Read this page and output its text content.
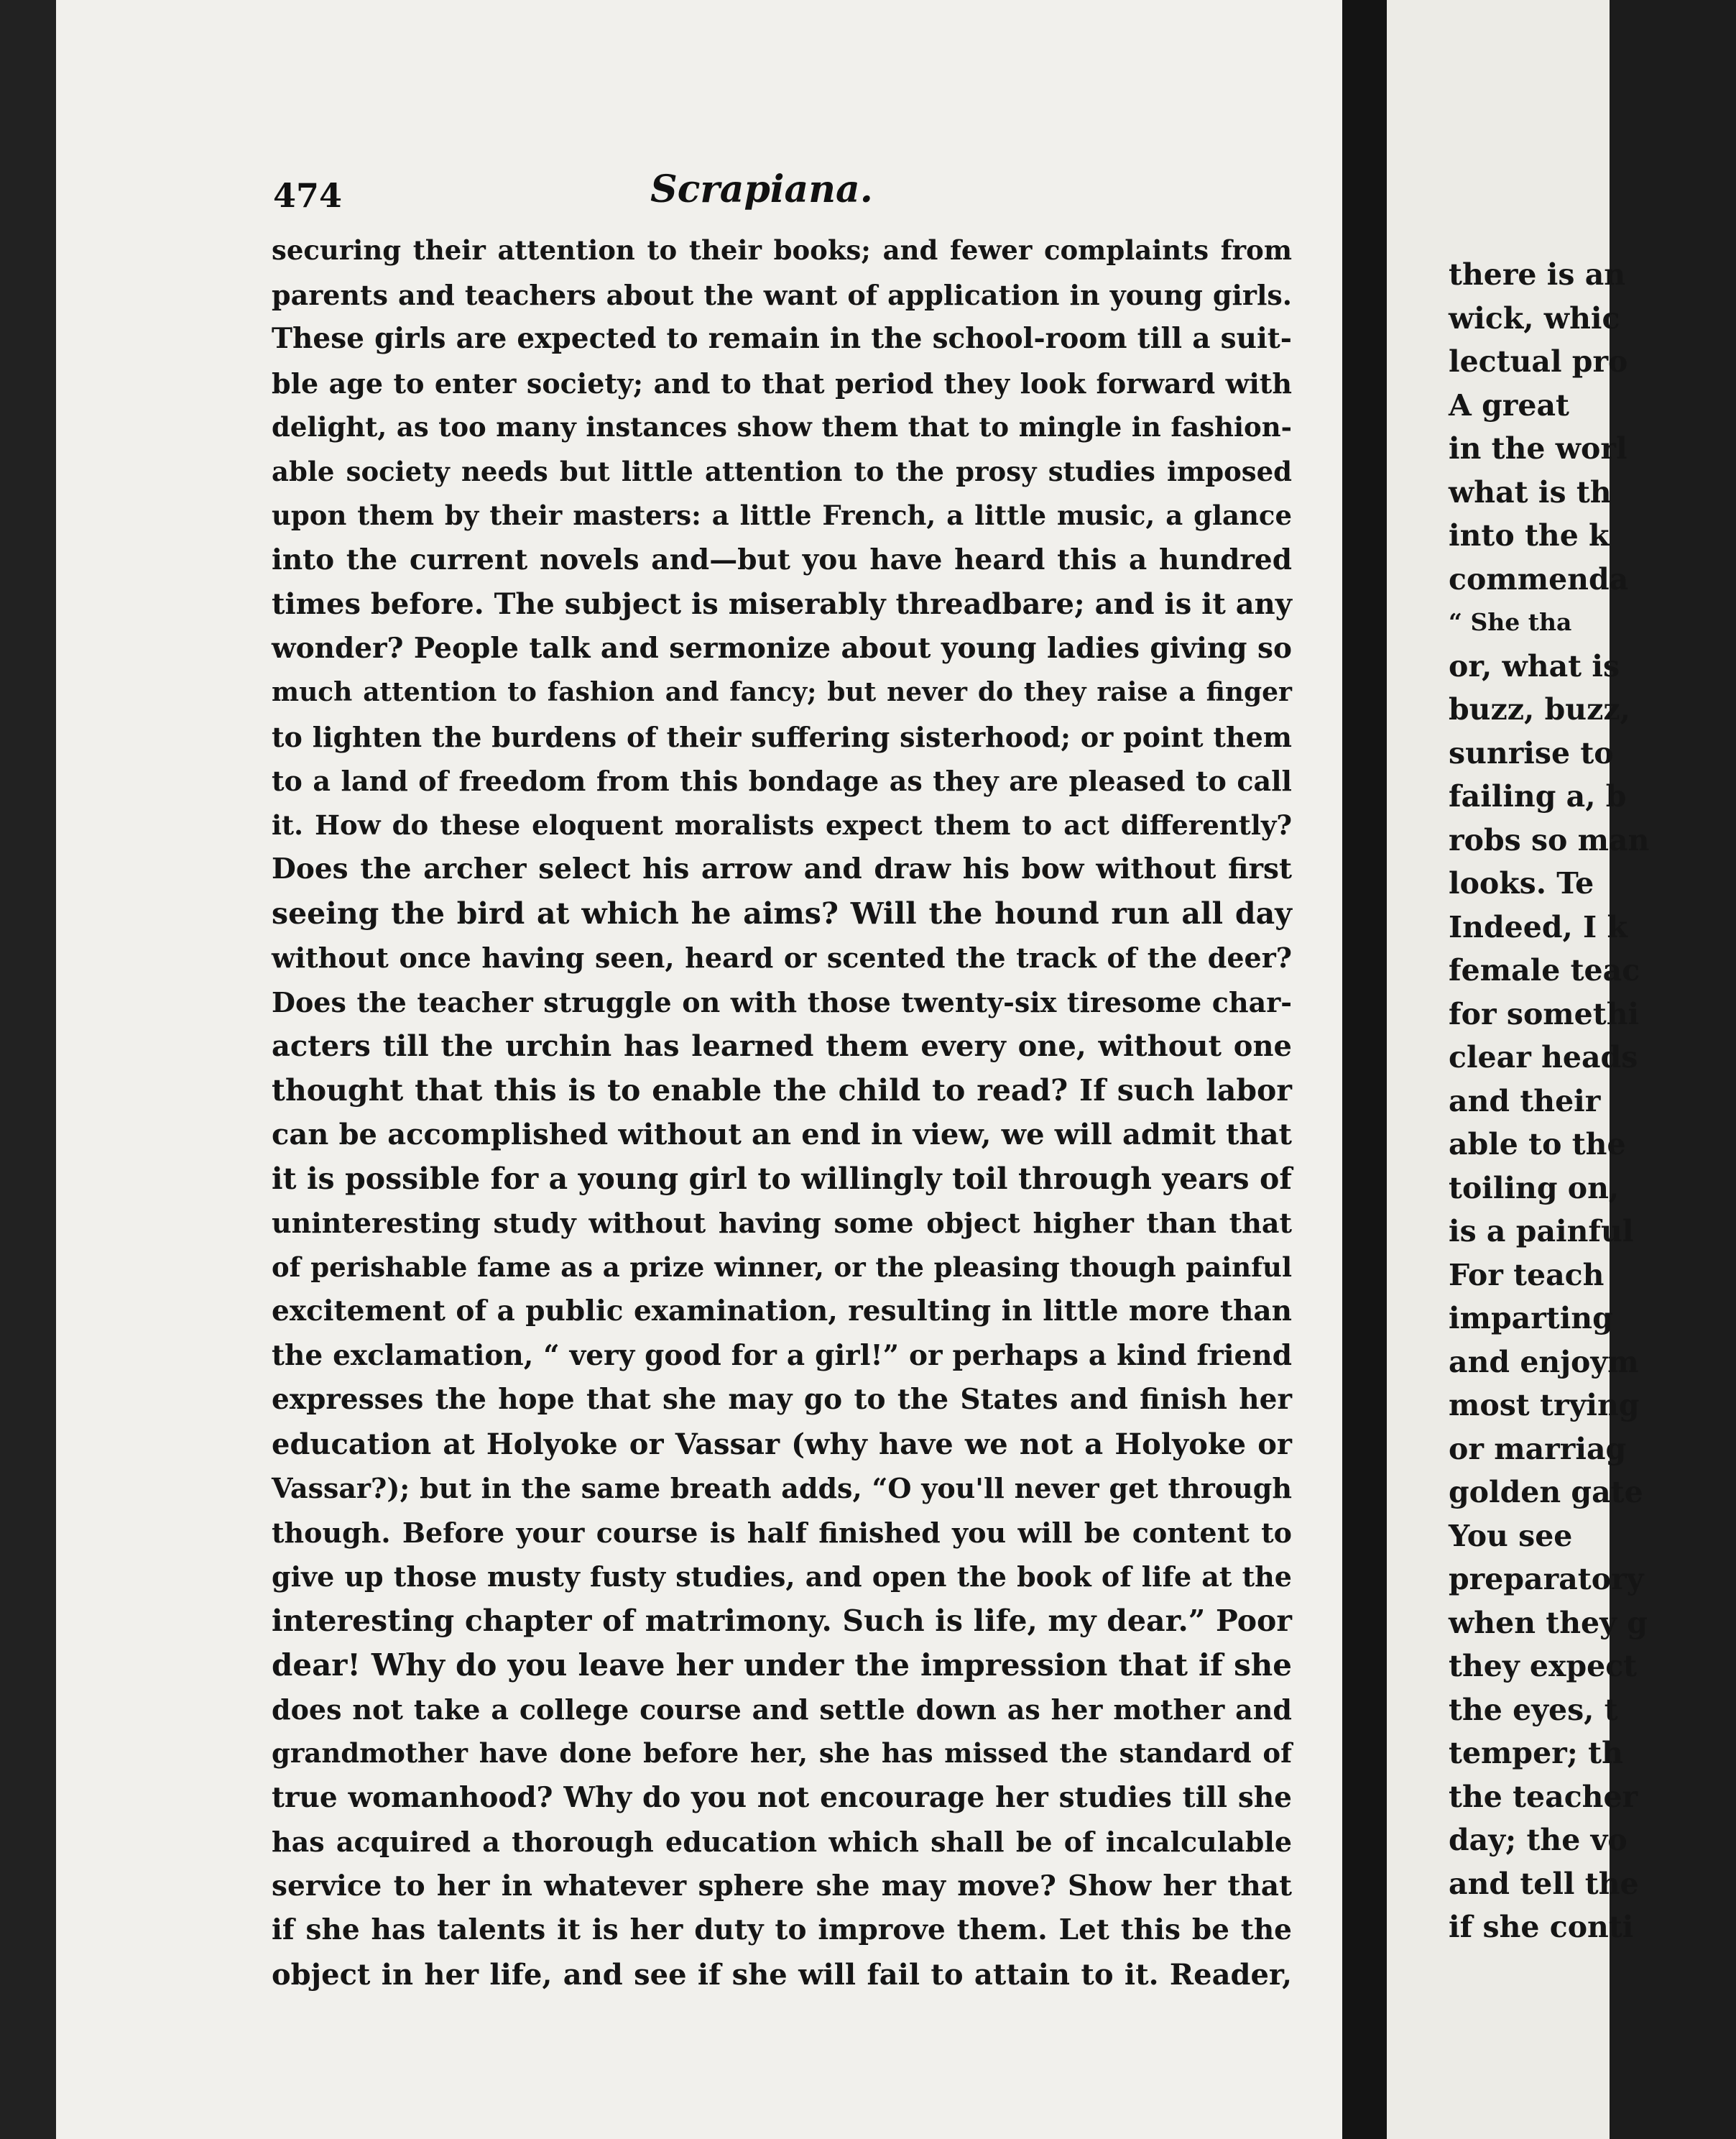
474	Scrapiana.

securing their attention to their books; and fewer complaints from
parents and teachers about the want of application in young girls.
These girls are expected to remain in the school-room till a suit-
ble age to enter society; and to that period they look forward with
delight, as too many instances show them that to mingle in fashion-
able society needs but little attention to the prosy studies imposed
upon them by their masters: a little French, a little music, a glance
into the current novels and—but you have heard this a hundred
times before. The subject is miserably threadbare; and is it any
wonder? People talk and sermonize about young ladies giving so
much attention to fashion and fancy; but never do they raise a finger
to lighten the burdens of their suffering sisterhood; or point them
to a land of freedom from this bondage as they are pleased to call
it. How do these eloquent moralists expect them to act differently?
Does the archer select his arrow and draw his bow without first
seeing the bird at which he aims? Will the hound run all day
without once having seen, heard or scented the track of the deer?
Does the teacher struggle on with those twenty-six tiresome char-
acters till the urchin has learned them every one, without one
thought that this is to enable the child to read? If such labor
can be accomplished without an end in view, we will admit that
it is possible for a young girl to willingly toil through years of
uninteresting study without having some object higher than that
of perishable fame as a prize winner, or the pleasing though painful
excitement of a public examination, resulting in little more than
the exclamation, “ very good for a girl!” or perhaps a kind friend
expresses the hope that she may go to the States and finish her
education at Holyoke or Vassar (why have we not a Holyoke or
Vassar?); but in the same breath adds, “O you'll never get through
though. Before your course is half finished you will be content to
give up those musty fusty studies, and open the book of life at the
interesting chapter of matrimony. Such is life, my dear.” Poor
dear! Why do you leave her under the impression that if she
does not take a college course and settle down as her mother and
grandmother have done before her, she has missed the standard of
true womanhood? Why do you not encourage her studies till she
has acquired a thorough education which shall be of incalculable
service to her in whatever sphere she may move? Show her that
if she has talents it is her duty to improve them. Let this be the
object in her life, and see if she will fail to attain to it. Reader,
there is an
wick, whic
lectual pro
A great
in the worl
what is th
into the k
commenda
“ She tha
or, what is
buzz, buzz,
sunrise to
failing a, b
robs so man
looks. Te
Indeed, I k
female teac
for somethi
clear heads
and their
able to the
toiling on,
is a painful
For teach
imparting
and enjoym
most trying
or marriag
golden gate
You see
preparatory
when they g
they expect
the eyes, t
temper; th
the teacher
day; the vo
and tell the
if she conti
